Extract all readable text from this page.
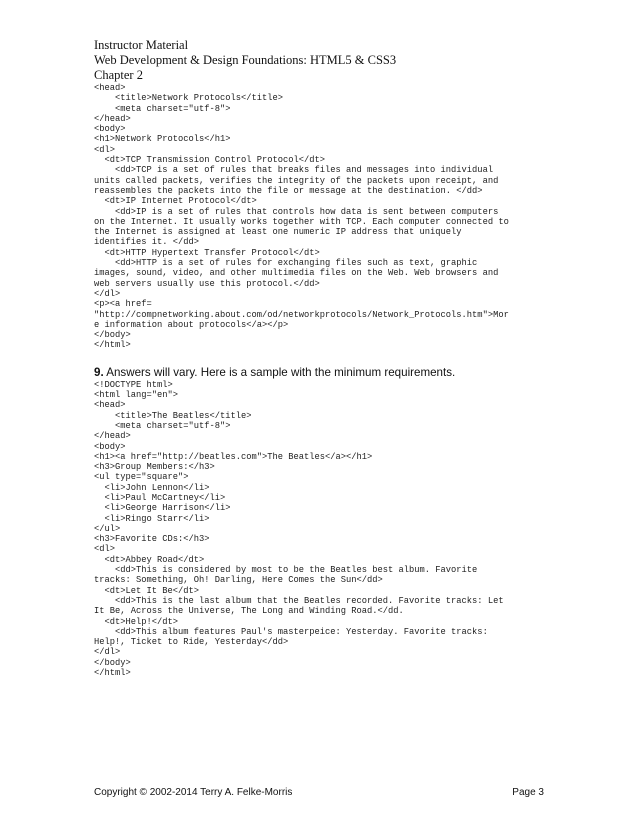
Instructor Material
Web Development & Design Foundations: HTML5 & CSS3
Chapter 2
<head>
<title>Network Protocols</title>
<meta charset="utf-8">
</head>
<body>
<h1>Network Protocols</h1>
<dl>
<dt>TCP Transmission Control Protocol</dt>
<dd>TCP is a set of rules that breaks files and messages into individual
units called packets, verifies the integrity of the packets upon receipt, and
reassembles the packets into the file or message at the destination. </dd>
<dt>IP Internet Protocol</dt>
<dd>IP is a set of rules that controls how data is sent between computers
on the Internet. It usually works together with TCP. Each computer connected to
the Internet is assigned at least one numeric IP address that uniquely
identifies it. </dd>
<dt>HTTP Hypertext Transfer Protocol</dt>
<dd>HTTP is a set of rules for exchanging files such as text, graphic
images, sound, video, and other multimedia files on the Web. Web browsers and
web servers usually use this protocol.</dd>
</dl>
<p><a href=
"http://compnetworking.about.com/od/networkprotocols/Network_Protocols.htm">Mor
e information about protocols</a></p>
</body>
</html>
9. Answers will vary. Here is a sample with the minimum requirements.
<!DOCTYPE html>
<html lang="en">
<head>
<title>The Beatles</title>
<meta charset="utf-8">
</head>
<body>
<h1><a href="http://beatles.com">The Beatles</a></h1>
<h3>Group Members:</h3>
<ul type="square">
<li>John Lennon</li>
<li>Paul McCartney</li>
<li>George Harrison</li>
<li>Ringo Starr</li>
</ul>
<h3>Favorite CDs:</h3>
<dl>
<dt>Abbey Road</dt>
<dd>This is considered by most to be the Beatles best album. Favorite
tracks: Something, Oh! Darling, Here Comes the Sun</dd>
<dt>Let It Be</dt>
<dd>This is the last album that the Beatles recorded. Favorite tracks: Let
It Be, Across the Universe, The Long and Winding Road.</dd.
<dt>Help!</dt>
<dd>This album features Paul's masterpeice: Yesterday. Favorite tracks:
Help!, Ticket to Ride, Yesterday</dd>
</dl>
</body>
</html>
Copyright © 2002-2014 Terry A. Felke-Morris	Page 3
